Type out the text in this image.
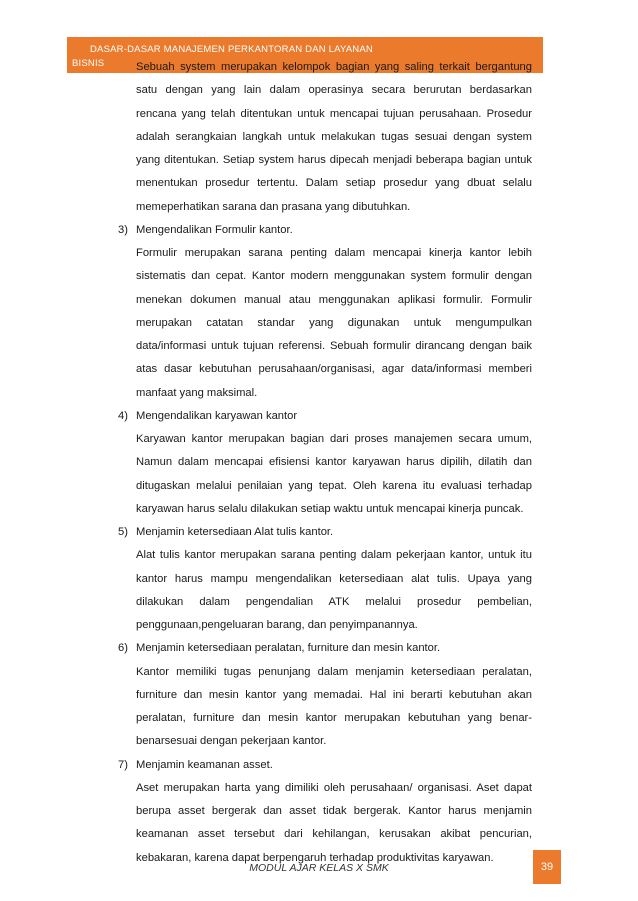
DASAR-DASAR MANAJEMEN PERKANTORAN DAN LAYANAN
BISNIS	Sebuah system merupakan kelompok bagian yang saling terkait bergantung satu dengan yang lain dalam operasinya secara berurutan berdasarkan rencana yang telah ditentukan untuk mencapai tujuan perusahaan. Prosedur adalah serangkaian langkah untuk melakukan tugas sesuai dengan system yang ditentukan. Setiap system harus dipecah menjadi beberapa bagian untuk menentukan prosedur tertentu. Dalam setiap prosedur yang dbuat selalu memeperhatikan sarana dan prasana yang dibutuhkan.

3) Mengendalikan Formulir kantor.

Formulir merupakan sarana penting dalam mencapai kinerja kantor lebih sistematis dan cepat. Kantor modern menggunakan system formulir dengan menekan dokumen manual atau menggunakan aplikasi formulir. Formulir merupakan catatan standar yang digunakan untuk mengumpulkan data/informasi untuk tujuan referensi. Sebuah formulir dirancang dengan baik atas dasar kebutuhan perusahaan/organisasi, agar data/informasi memberi manfaat yang maksimal.

4) Mengendalikan karyawan kantor

Karyawan kantor merupakan bagian dari proses manajemen secara umum, Namun dalam mencapai efisiensi kantor karyawan harus dipilih, dilatih dan ditugaskan melalui penilaian yang tepat. Oleh karena itu evaluasi terhadap karyawan harus selalu dilakukan setiap waktu untuk mencapai kinerja puncak.

5) Menjamin ketersediaan Alat tulis kantor.

Alat tulis kantor merupakan sarana penting dalam pekerjaan kantor, untuk itu kantor harus mampu mengendalikan ketersediaan alat tulis. Upaya yang dilakukan dalam pengendalian ATK melalui prosedur pembelian, penggunaan,pengeluaran barang, dan penyimpanannya.

6) Menjamin ketersediaan peralatan, furniture dan mesin kantor.

Kantor memiliki tugas penunjang dalam menjamin ketersediaan peralatan, furniture dan mesin kantor yang memadai. Hal ini berarti kebutuhan akan peralatan, furniture dan mesin kantor merupakan kebutuhan yang benar-benarsesuai dengan pekerjaan kantor.

7) Menjamin keamanan asset.

Aset merupakan harta yang dimiliki oleh perusahaan/ organisasi. Aset dapat berupa asset bergerak dan asset tidak bergerak. Kantor harus menjamin keamanan asset tersebut dari kehilangan, kerusakan akibat pencurian, kebakaran, karena dapat berpengaruh terhadap produktivitas karyawan.

MODUL AJAR KELAS X SMK	39
